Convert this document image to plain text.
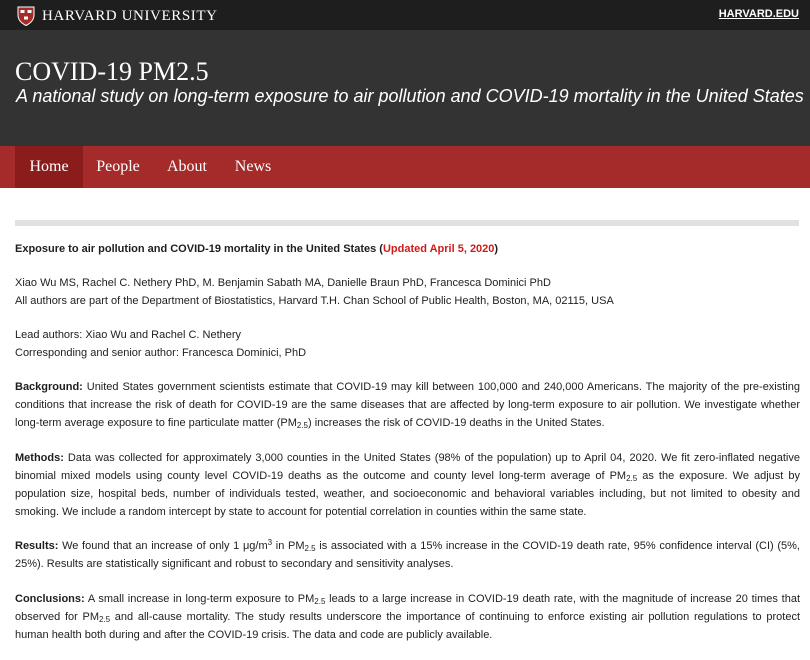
HARVARD UNIVERSITY	HARVARD.EDU
COVID-19 PM2.5
A national study on long-term exposure to air pollution and COVID-19 mortality in the United States
Home	People	About	News
Exposure to air pollution and COVID-19 mortality in the United States (Updated April 5, 2020)
Xiao Wu MS, Rachel C. Nethery PhD, M. Benjamin Sabath MA, Danielle Braun PhD, Francesca Dominici PhD
All authors are part of the Department of Biostatistics, Harvard T.H. Chan School of Public Health, Boston, MA, 02115, USA
Lead authors: Xiao Wu and Rachel C. Nethery
Corresponding and senior author: Francesca Dominici, PhD
Background: United States government scientists estimate that COVID-19 may kill between 100,000 and 240,000 Americans. The majority of the pre-existing conditions that increase the risk of death for COVID-19 are the same diseases that are affected by long-term exposure to air pollution. We investigate whether long-term average exposure to fine particulate matter $(PM_{2.5})$ increases the risk of COVID-19 deaths in the United States.
Methods: Data was collected for approximately 3,000 counties in the United States (98% of the population) up to April 04, 2020. We fit zero-inflated negative binomial mixed models using county level COVID-19 deaths as the outcome and county level long-term average of $PM_{2.5}$ as the exposure. We adjust by population size, hospital beds, number of individuals tested, weather, and socioeconomic and behavioral variables including, but not limited to obesity and smoking. We include a random intercept by state to account for potential correlation in counties within the same state.
Results: We found that an increase of only 1 $\mu g/m^3$ in $PM_{2.5}$ is associated with a 15% increase in the COVID-19 death rate, 95% confidence interval (CI) (5%, 25%). Results are statistically significant and robust to secondary and sensitivity analyses.
Conclusions: A small increase in long-term exposure to $PM_{2.5}$ leads to a large increase in COVID-19 death rate, with the magnitude of increase 20 times that observed for $PM_{2.5}$ and all-cause mortality. The study results underscore the importance of continuing to enforce existing air pollution regulations to protect human health both during and after the COVID-19 crisis. The data and code are publicly available.
